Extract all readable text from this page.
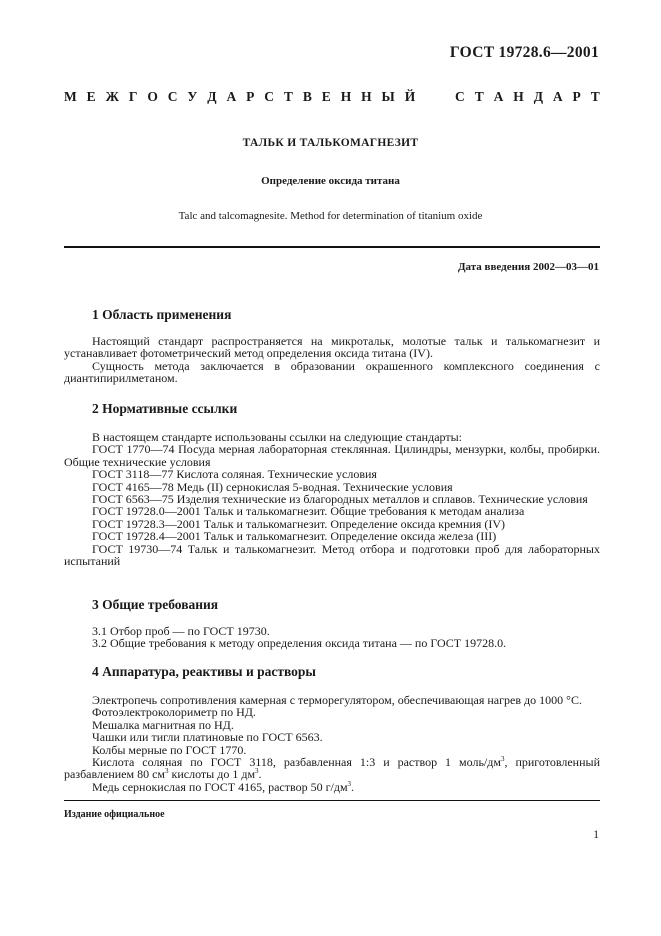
ГОСТ 19728.6—2001
М Е Ж Г О С У Д А Р С Т В Е Н Н Ы Й	С Т А Н Д А Р Т
ТАЛЬК И ТАЛЬКОМАГНЕЗИТ
Определение оксида титана
Talc and talcomagnesite. Method for determination of titanium oxide
Дата введения 2002—03—01

1 Область применения

Настоящий стандарт распространяется на микротальк, молотые тальк и талькомагнезит и устанавливает фотометрический метод определения оксида титана (IV).

Сущность метода заключается в образовании окрашенного комплексного соединения с диантипирилметаном.

2 Нормативные ссылки

В настоящем стандарте использованы ссылки на следующие стандарты:

ГОСТ 1770—74 Посуда мерная лабораторная стеклянная. Цилиндры, мензурки, колбы, пробирки. Общие технические условия

ГОСТ 3118—77 Кислота соляная. Технические условия

ГОСТ 4165—78 Медь (II) сернокислая 5-водная. Технические условия

ГОСТ 6563—75 Изделия технические из благородных металлов и сплавов. Технические условия

ГОСТ 19728.0—2001 Тальк и талькомагнезит. Общие требования к методам анализа

ГОСТ 19728.3—2001 Тальк и талькомагнезит. Определение оксида кремния (IV)

ГОСТ 19728.4—2001 Тальк и талькомагнезит. Определение оксида железа (III)

ГОСТ 19730—74 Тальк и талькомагнезит. Метод отбора и подготовки проб для лабораторных испытаний

3 Общие требования

3.1 Отбор проб — по ГОСТ 19730.

3.2 Общие требования к методу определения оксида титана — по ГОСТ 19728.0.

4 Аппаратура, реактивы и растворы

Электропечь сопротивления камерная с терморегулятором, обеспечивающая нагрев до 1000 °С.

Фотоэлектроколориметр по НД.

Мешалка магнитная по НД.

Чашки или тигли платиновые по ГОСТ 6563.

Колбы мерные по ГОСТ 1770.

Кислота соляная по ГОСТ 3118, разбавленная 1:3 и раствор 1 моль/$дм^3$, приготовленный разбавлением 80 $см^3$ кислоты до 1 $дм^3$.

Медь сернокислая по ГОСТ 4165, раствор 50 $г/дм^3$.

Издание официальное
1
